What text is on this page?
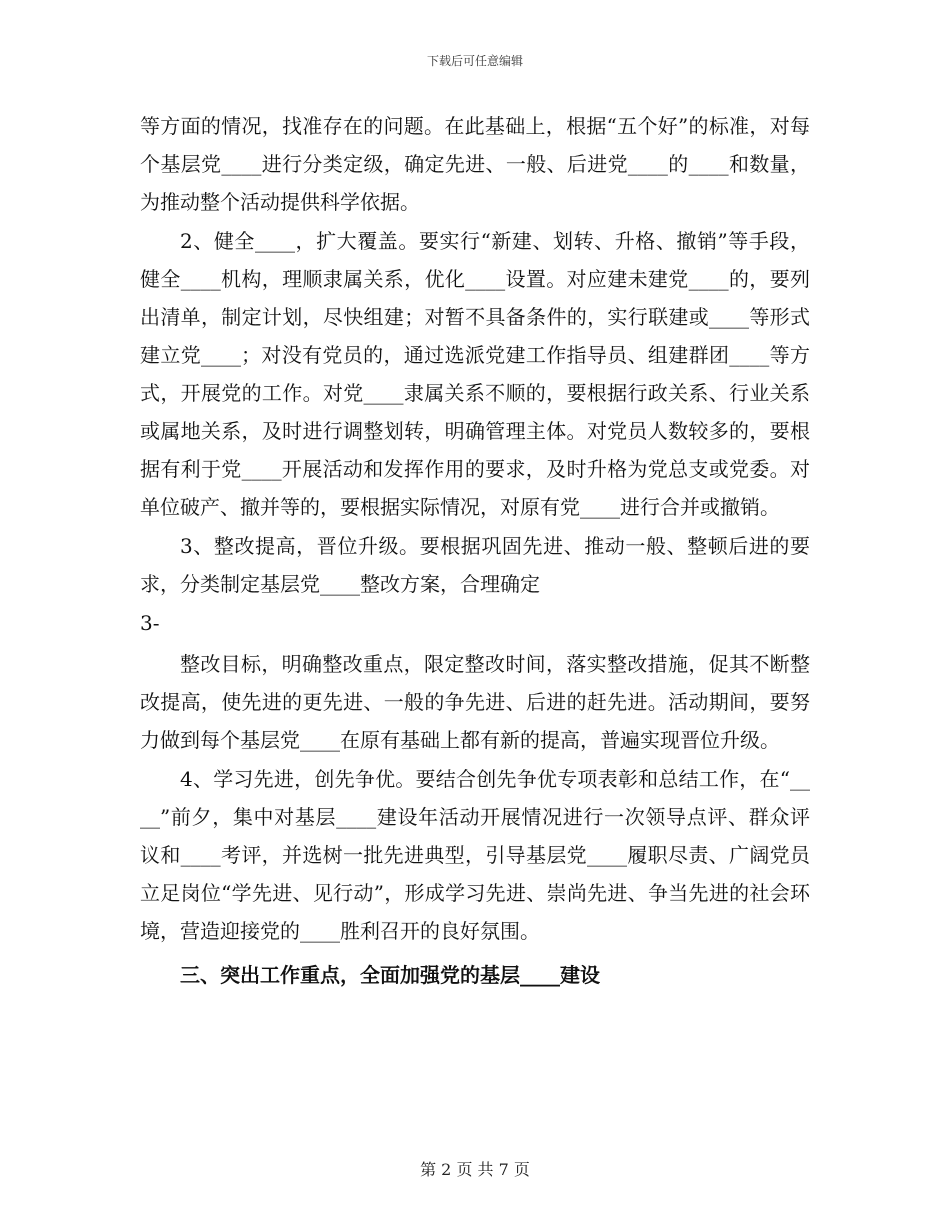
下载后可任意编辑

等方面的情况，找准存在的问题。在此基础上，根据“五个好”的标准，对每个基层党____进行分类定级，确定先进、一般、后进党____的____和数量，为推动整个活动提供科学依据。

2、健全____，扩大覆盖。要实行“新建、划转、升格、撤销”等手段，健全____机构，理顺隶属关系，优化____设置。对应建未建党____的，要列出清单，制定计划，尽快组建；对暂不具备条件的，实行联建或____等形式建立党____；对没有党员的，通过选派党建工作指导员、组建群团____等方式，开展党的工作。对党____隶属关系不顺的，要根据行政关系、行业关系或属地关系，及时进行调整划转，明确管理主体。对党员人数较多的，要根据有利于党____开展活动和发挥作用的要求，及时升格为党总支或党委。对单位破产、撤并等的，要根据实际情况，对原有党____进行合并或撤销。

3、整改提高，晋位升级。要根据巩固先进、推动一般、整顿后进的要求，分类制定基层党____整改方案，合理确定

3-

整改目标，明确整改重点，限定整改时间，落实整改措施，促其不断整改提高，使先进的更先进、一般的争先进、后进的赶先进。活动期间，要努力做到每个基层党____在原有基础上都有新的提高，普遍实现晋位升级。

4、学习先进，创先争优。要结合创先争优专项表彰和总结工作，在“____”前夕，集中对基层____建设年活动开展情况进行一次领导点评、群众评议和____考评，并选树一批先进典型，引导基层党____履职尽责、广阔党员立足岗位“学先进、见行动”，形成学习先进、崇尚先进、争当先进的社会环境，营造迎接党的____胜利召开的良好氛围。

三、突出工作重点，全面加强党的基层____建设

第 2 页 共 7 页
